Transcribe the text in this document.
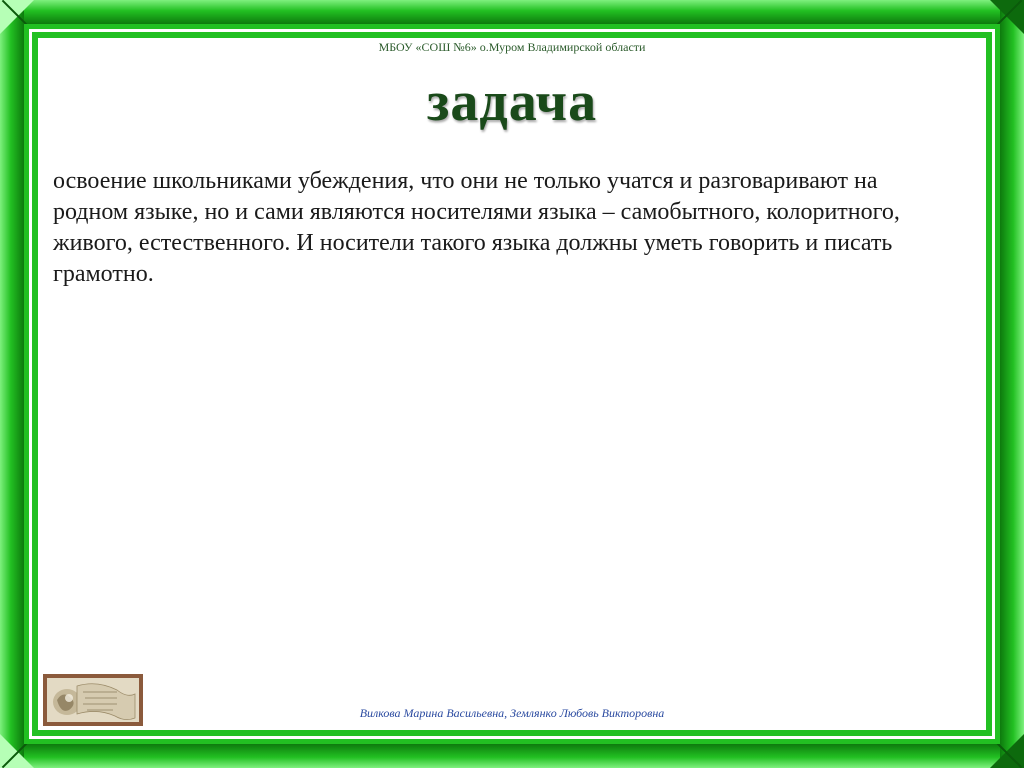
МБОУ «СОШ №6» о.Муром Владимирской области
задача
освоение школьниками убеждения, что они не только учатся и разговаривают на родном языке, но и сами являются носителями языка – самобытного, колоритного, живого, естественного. И носители такого языка должны уметь говорить и писать грамотно.
Вилкова Марина Васильевна, Землянко Любовь Викторовна
